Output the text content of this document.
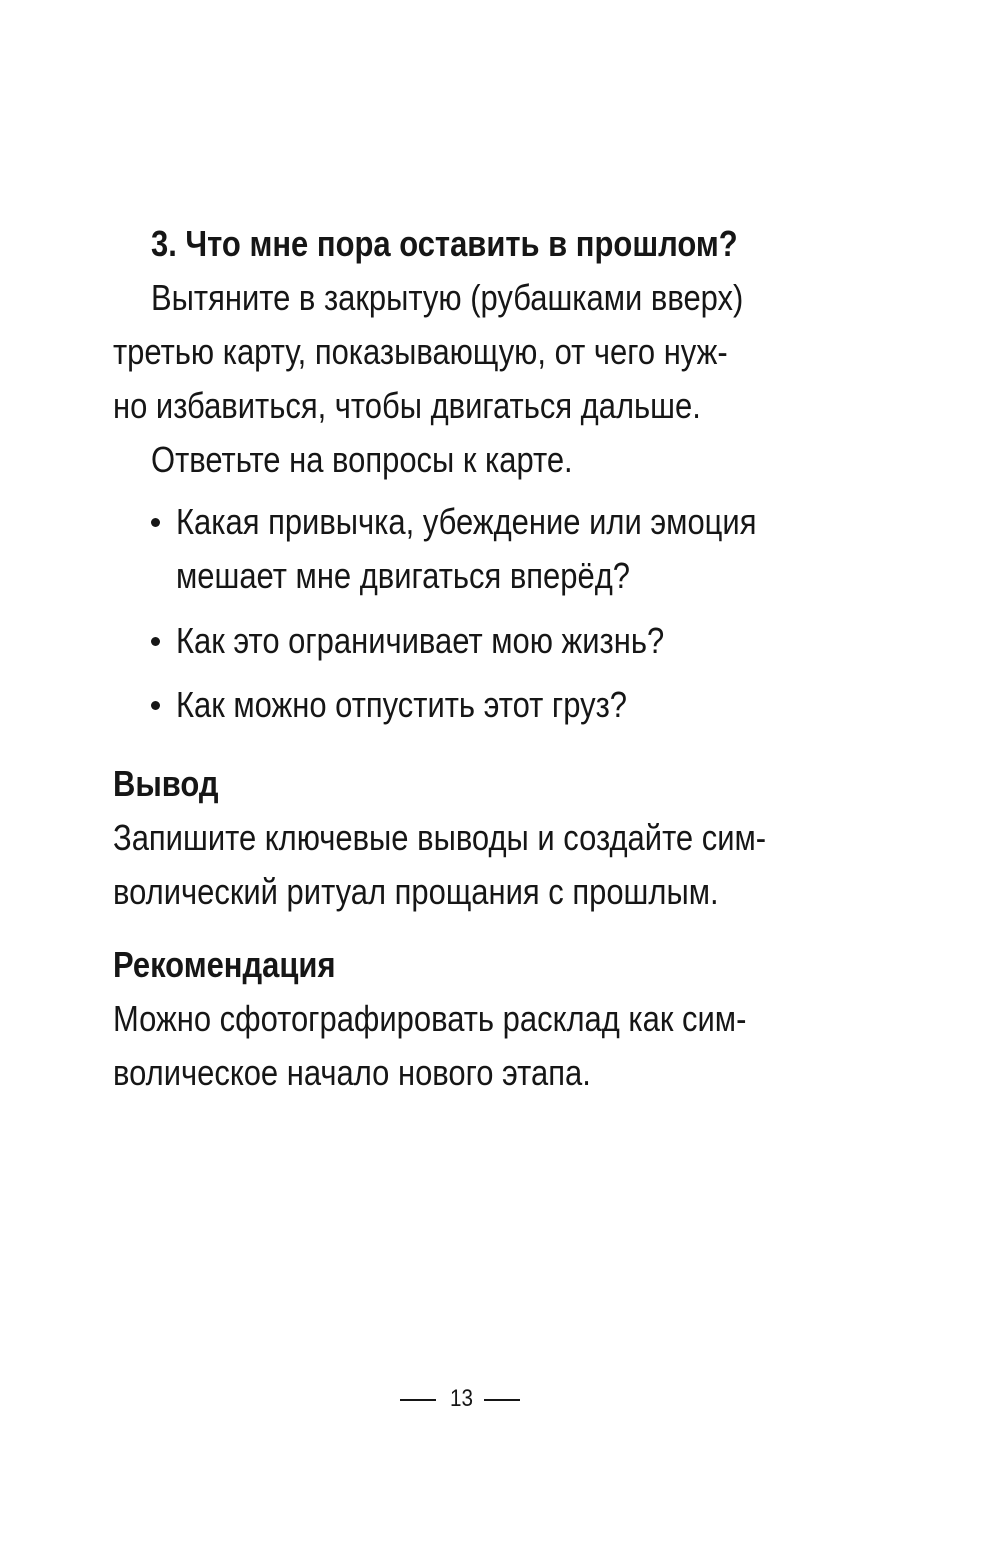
3. Что мне пора оставить в прошлом?
Вытяните в закрытую (рубашками вверх)
третью карту, показывающую, от чего нуж-
но избавиться, чтобы двигаться дальше.
Ответьте на вопросы к карте.
Какая привычка, убеждение или эмоция
мешает мне двигаться вперёд?
Как это ограничивает мою жизнь?
Как можно отпустить этот груз?
Вывод
Запишите ключевые выводы и создайте сим-
волический ритуал прощания с прошлым.
Рекомендация
Можно сфотографировать расклад как сим-
волическое начало нового этапа.
13
